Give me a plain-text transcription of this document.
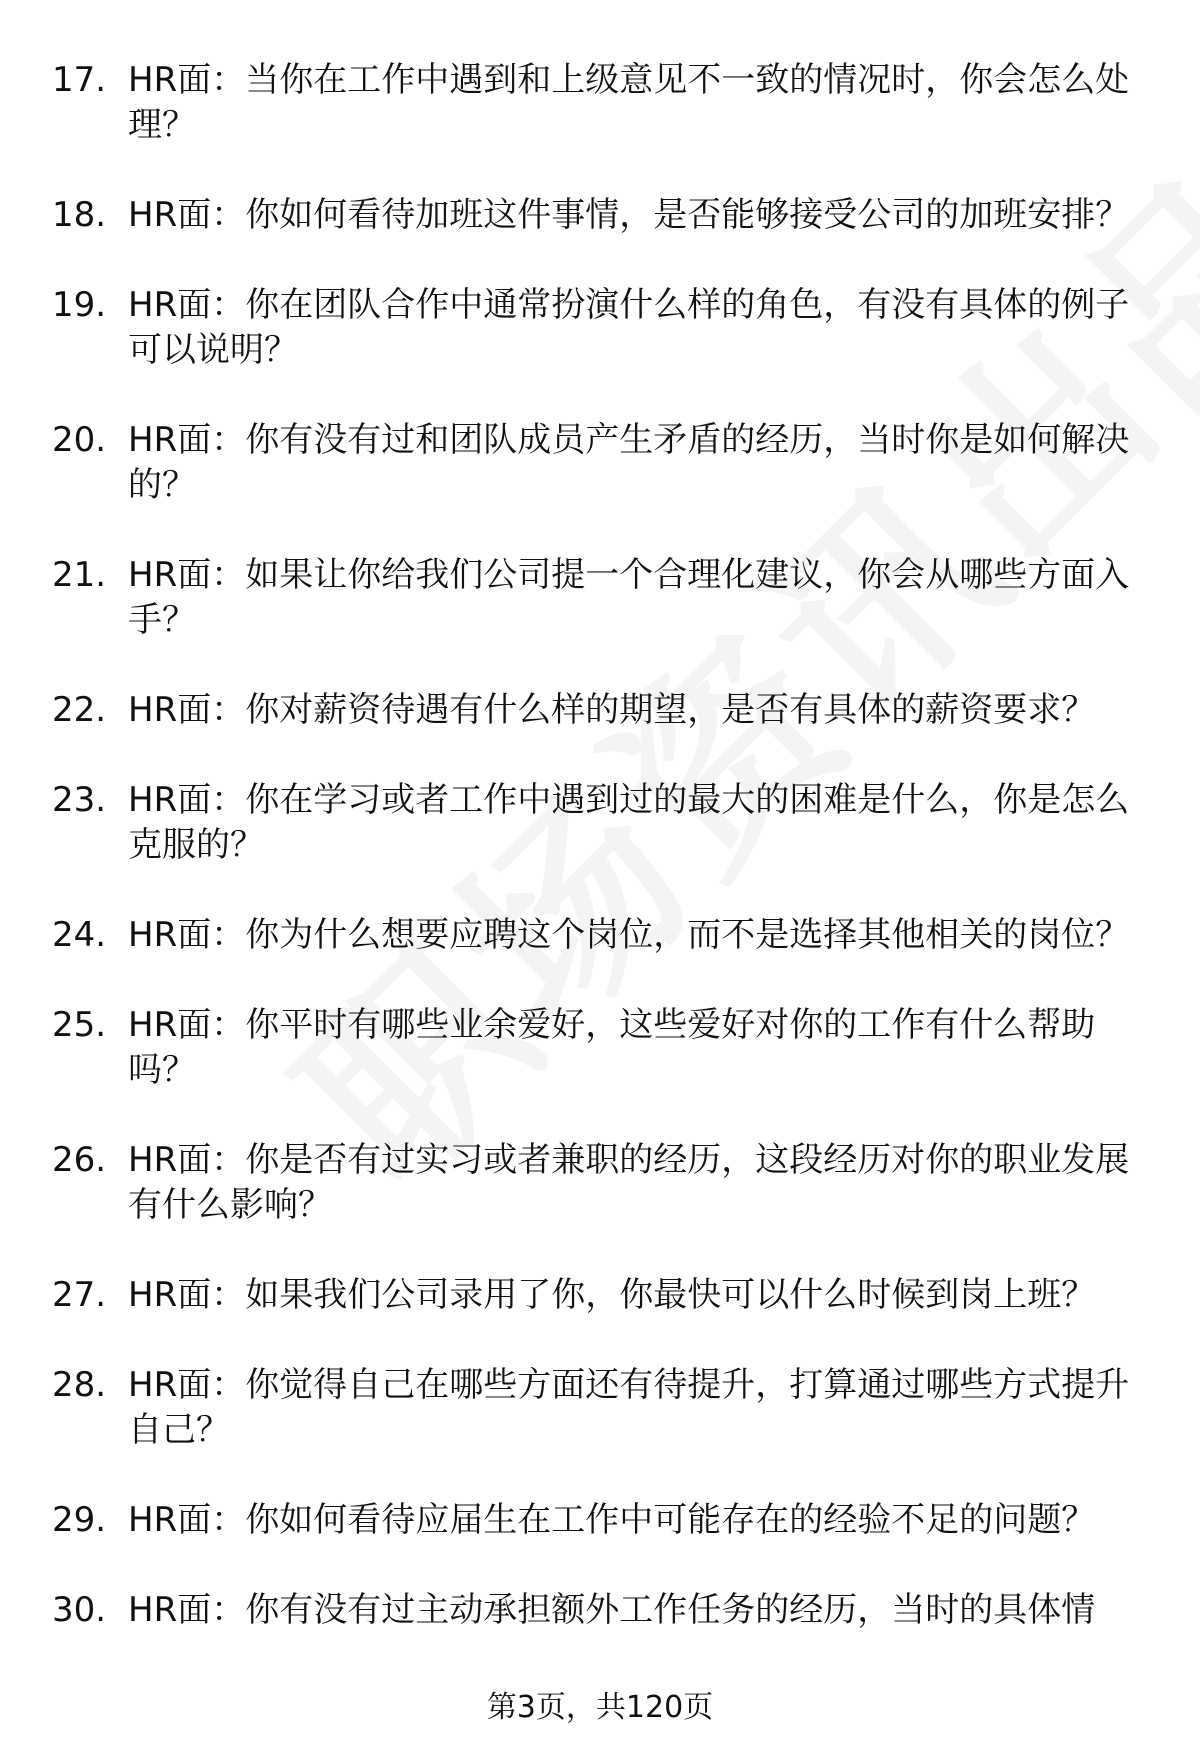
17. HR面：当你在工作中遇到和上级意见不一致的情况时，你会怎么处理？
18. HR面：你如何看待加班这件事情，是否能够接受公司的加班安排？
19. HR面：你在团队合作中通常扮演什么样的角色，有没有具体的例子可以说明？
20. HR面：你有没有过和团队成员产生矛盾的经历，当时你是如何解决的？
21. HR面：如果让你给我们公司提一个合理化建议，你会从哪些方面入手？
22. HR面：你对薪资待遇有什么样的期望，是否有具体的薪资要求？
23. HR面：你在学习或者工作中遇到过的最大的困难是什么，你是怎么克服的？
24. HR面：你为什么想要应聘这个岗位，而不是选择其他相关的岗位？
25. HR面：你平时有哪些业余爱好，这些爱好对你的工作有什么帮助吗？
26. HR面：你是否有过实习或者兼职的经历，这段经历对你的职业发展有什么影响？
27. HR面：如果我们公司录用了你，你最快可以什么时候到岗上班？
28. HR面：你觉得自己在哪些方面还有待提升，打算通过哪些方式提升自己？
29. HR面：你如何看待应届生在工作中可能存在的经验不足的问题？
30. HR面：你有没有过主动承担额外工作任务的经历，当时的具体情
第3页，共120页
